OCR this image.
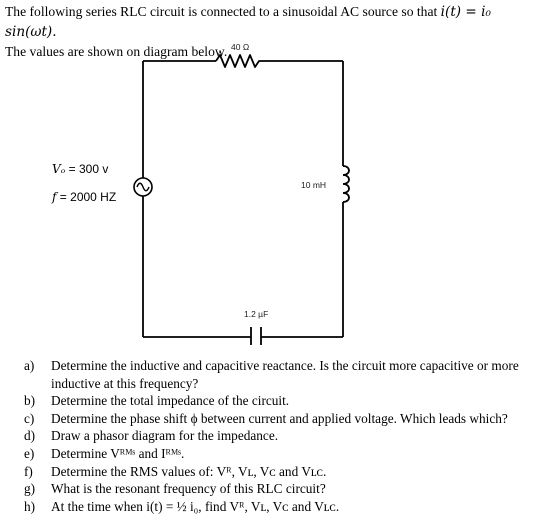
The following series RLC circuit is connected to a sinusoidal AC source so that i(t) = i₀ sin(ωt).
The values are shown on diagram below. 40 Ω
10 mH
1.2 µF
Vₒ = 300 v
f = 2000 HZ
a) Determine the inductive and capacitive reactance. Is the circuit more capacitive or more inductive at this frequency?
b) Determine the total impedance of the circuit.
c) Determine the phase shift ϕ between current and applied voltage. Which leads which?
d) Draw a phasor diagram for the impedance.
e) Determine Vᴿᴹˢ and Iᴿᴹˢ.
f) Determine the RMS values of: Vᴿ, Vʟ, Vᴄ and Vʟᴄ.
g) What is the resonant frequency of this RLC circuit?
h) At the time when i(t) = ½ i₀, find Vᴿ, Vʟ, Vᴄ and Vʟᴄ.
